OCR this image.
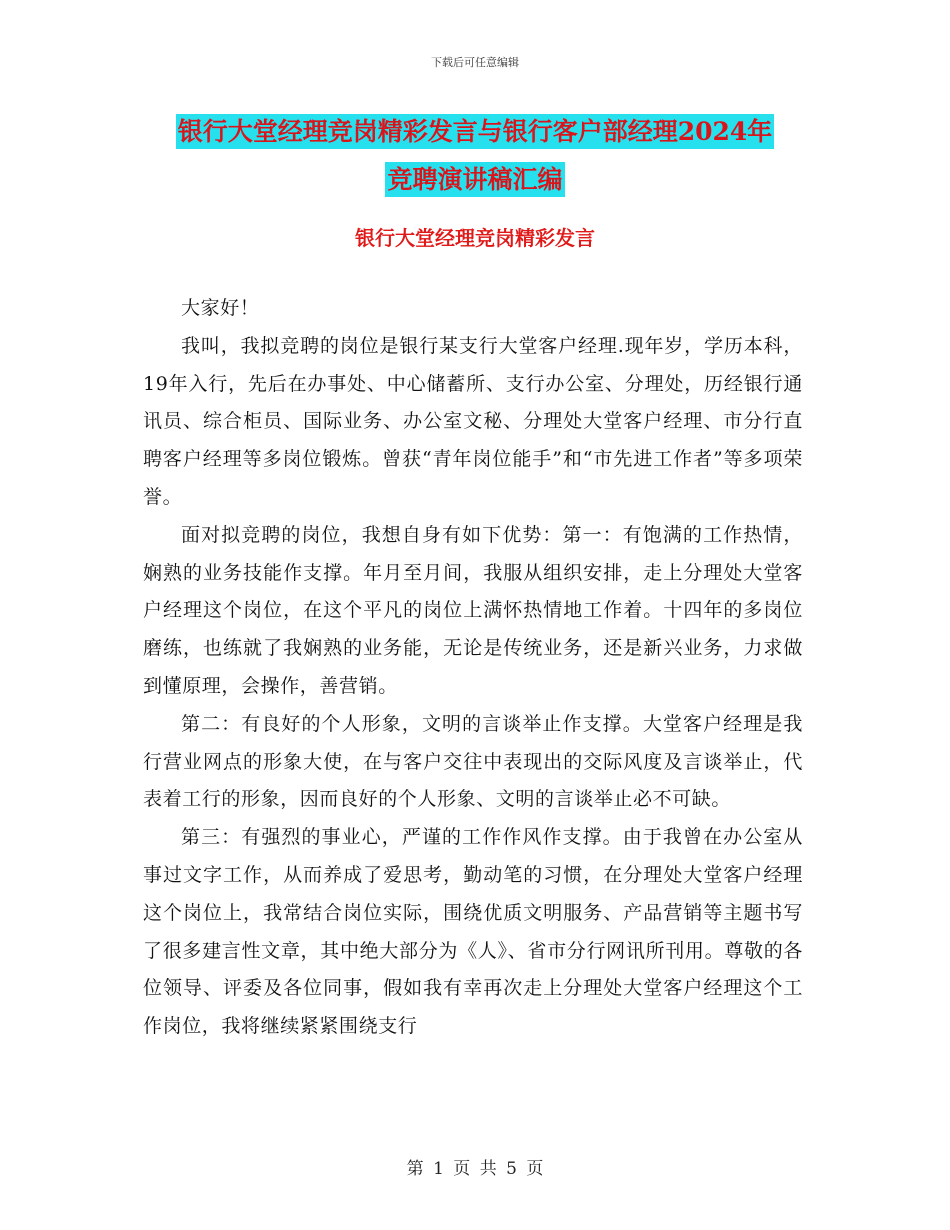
下载后可任意编辑
银行大堂经理竞岗精彩发言与银行客户部经理2024年
竞聘演讲稿汇编
银行大堂经理竞岗精彩发言

大家好！

我叫，我拟竞聘的岗位是银行某支行大堂客户经理.现年岁，学历本科，19年入行，先后在办事处、中心储蓄所、支行办公室、分理处，历经银行通讯员、综合柜员、国际业务、办公室文秘、分理处大堂客户经理、市分行直聘客户经理等多岗位锻炼。曾获“青年岗位能手”和“市先进工作者”等多项荣誉。

面对拟竞聘的岗位，我想自身有如下优势：第一：有饱满的工作热情，娴熟的业务技能作支撑。年月至月间，我服从组织安排，走上分理处大堂客户经理这个岗位，在这个平凡的岗位上满怀热情地工作着。十四年的多岗位磨练，也练就了我娴熟的业务能，无论是传统业务，还是新兴业务，力求做到懂原理，会操作，善营销。

第二：有良好的个人形象，文明的言谈举止作支撑。大堂客户经理是我行营业网点的形象大使，在与客户交往中表现出的交际风度及言谈举止，代表着工行的形象，因而良好的个人形象、文明的言谈举止必不可缺。

第三：有强烈的事业心，严谨的工作作风作支撑。由于我曾在办公室从事过文字工作，从而养成了爱思考，勤动笔的习惯，在分理处大堂客户经理这个岗位上，我常结合岗位实际，围绕优质文明服务、产品营销等主题书写了很多建言性文章，其中绝大部分为《人》、省市分行网讯所刊用。尊敬的各位领导、评委及各位同事，假如我有幸再次走上分理处大堂客户经理这个工作岗位，我将继续紧紧围绕支行

第 1 页 共 5 页
